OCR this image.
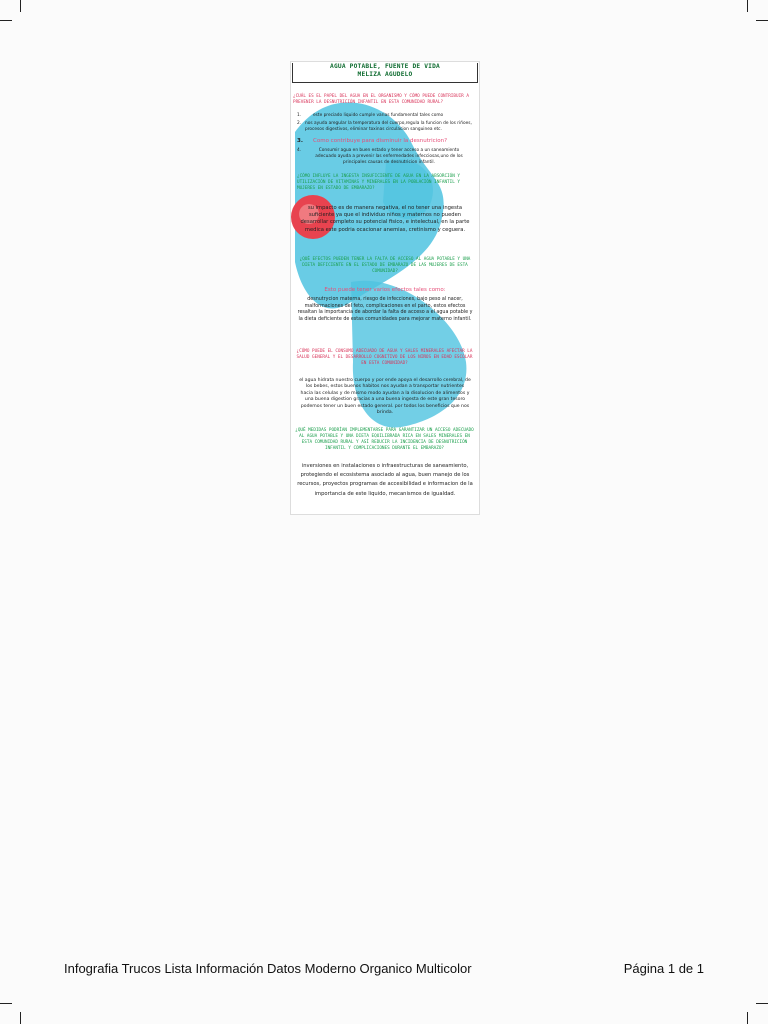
AGUA POTABLE, FUENTE DE VIDA
MELIZA AGUDELO
¿CUÁL ES EL PAPEL DEL AGUA EN EL ORGANISMO Y CÓMO PUEDE CONTRIBUIR A PREVENIR LA DESNUTRICIÓN INFANTIL EN ESTA COMUNIDAD RURAL?
1.	este preciado liquido cumple varias fundamental tales como
2. nos ayuda aregular la temperatura del cuerpo,regula la funcion de los riñoes, procesos digestivos, eliminar toxinas circulacion sanguinea etc.
3. Como contribuye para disminuir la desnutricion?
4.	Consumir agua en buen estado y tener acceso a un saneamiento adecuado ayuda a prevenir las enfermedades infecciosas,uno de los principales causas de desnutricion infantil.
¿CÓMO INFLUYE LA INGESTA INSUFICIENTE DE AGUA EN LA ABSORCIÓN Y UTILIZACIÓN DE VITAMINAS Y MINERALES EN LA POBLACIÓN INFANTIL Y MUJERES EN ESTADO DE EMBARAZO?
su impacto es de manera negativa, el no tener una ingesta suficiente ya que el individuo niños y maternos no pueden desarrollar completo su potencial fisico, e intelectual, en la parte medica este podria ocacionar anemias, cretinismo y ceguera.
¿QUÉ EFECTOS PUEDEN TENER LA FALTA DE ACCESO AL AGUA POTABLE Y UNA DIETA DEFICIENTE EN EL ESTADO DE EMBARAZO DE LAS MUJERES DE ESTA COMUNIDAD?
Esto puede tener varios efectos tales como:
desnutrycion materna, riesgo de infecciones, bajo peso al nacer, malformaciones del feto, complicaciones en el parto, estos efectos resaltan la importancia de abordar la falta de acceso a el agua potable y la dieta deficiente de estas comunidades para mejorar materno infantil.
¿CÓMO PUEDE EL CONSUMO ADECUADO DE AGUA Y SALES MINERALES AFECTAR LA SALUD GENERAL Y EL DESARROLLO COGNITIVO DE LOS NIÑOS EN EDAD ESCOLAR EN ESTA COMUNIDAD?
el agua hidrata nuestro cuerpo y por ende apoya el desarrollo cerebral, de los bebes, estos buenos habitos nos ayudan a transportar nutrientes hacia las celulas y de mismo modo ayudan a la disolucion de alimentos y una buena digestion gracias a una buena ingesta de este gran tesoro podemos tener un buen estado general. por todos los beneficios que nos brinda.
¿QUÉ MEDIDAS PODRÍAN IMPLEMENTARSE PARA GARANTIZAR UN ACCESO ADECUADO AL AGUA POTABLE Y UNA DIETA EQUILIBRADA RICA EN SALES MINERALES EN ESTA COMUNIDAD RURAL Y ASÍ REDUCIR LA INCIDENCIA DE DESNUTRICIÓN INFANTIL Y COMPLICACIONES DURANTE EL EMBARAZO?
inversiones en instalaciones o infraestructuras de saneamiento, protegiendo el ecosistema asociado al agua, buen manejo de los recursos, proyectos programas de accesibilidad e informacion de la importancia de este liquido, mecanismos de igualdad.
Infografia Trucos Lista Información Datos Moderno Organico Multicolor	Página 1 de 1
